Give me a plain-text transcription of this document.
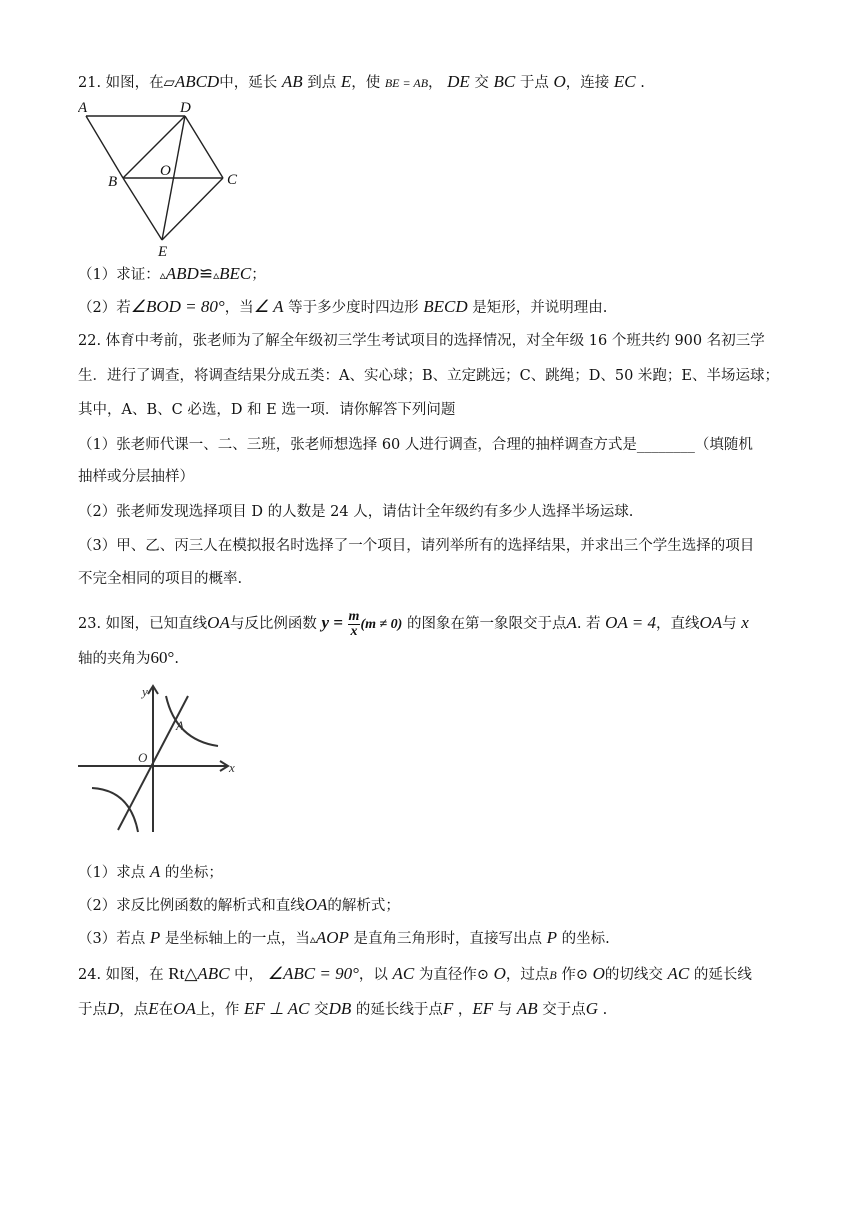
21. 如图，在▱ABCD中，延长 AB 到点 E，使 BE = AB， DE 交 BC 于点 O，连接 EC .
A	D
O
B	C
E
（1）求证：▵ABD≌▵BEC；
（2）若∠BOD = 80°，当∠ A 等于多少度时四边形 BECD 是矩形，并说明理由.
22. 体育中考前，张老师为了解全年级初三学生考试项目的选择情况，对全年级 16 个班共约 900 名初三学
生．进行了调查，将调查结果分成五类：A、实心球；B、立定跳远；C、跳绳；D、50 米跑；E、半场运球；
其中，A、B、C 必选，D 和 E 选一项．请你解答下列问题
（1）张老师代课一、二、三班，张老师想选择 60 人进行调查，合理的抽样调查方式是________（填随机
抽样或分层抽样）
（2）张老师发现选择项目 D 的人数是 24 人，请估计全年级约有多少人选择半场运球.
（3）甲、乙、丙三人在模拟报名时选择了一个项目，请列举所有的选择结果，并求出三个学生选择的项目
不完全相同的项目的概率.
23. 如图，已知直线OA与反比例函数 $y = \frac{m}{x} (m \ne 0)$ 的图象在第一象限交于点A. 若 OA = 4，直线OA与 x
轴的夹角为60°.
y
O
A
x
（1）求点 A 的坐标；
（2）求反比例函数的解析式和直线OA的解析式；
（3）若点 P 是坐标轴上的一点，当▵AOP 是直角三角形时，直接写出点 P 的坐标.
24. 如图，在 Rt△ABC 中， ∠ABC = 90°，以 AC 为直径作⊙ O，过点B 作⊙ O的切线交 AC 的延长线
于点D，点E在OA上，作 EF ⊥ AC 交DB 的延长线于点F ，EF 与 AB 交于点G .
